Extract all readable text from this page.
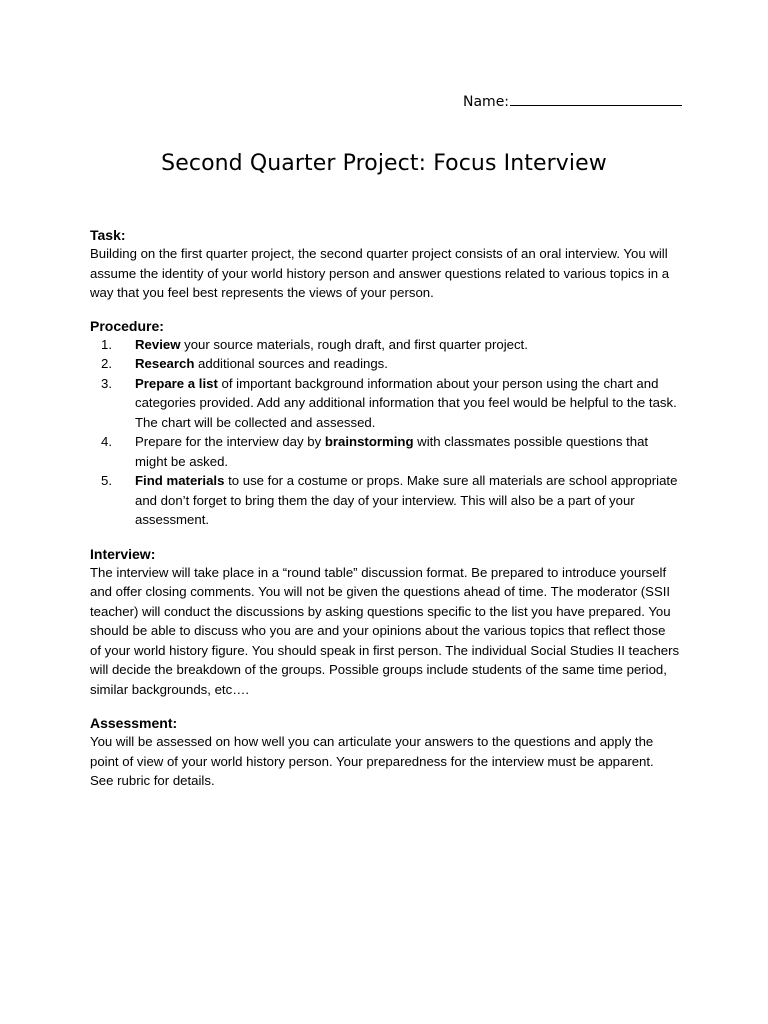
Name:
Second Quarter Project: Focus Interview

Task:

Building on the first quarter project, the second quarter project consists of an oral interview. You will assume the identity of your world history person and answer questions related to various topics in a way that you feel best represents the views of your person.

Procedure:

1. Review your source materials, rough draft, and first quarter project.
2. Research additional sources and readings.
3. Prepare a list of important background information about your person using the chart and categories provided. Add any additional information that you feel would be helpful to the task. The chart will be collected and assessed.
4. Prepare for the interview day by brainstorming with classmates possible questions that might be asked.
5. Find materials to use for a costume or props. Make sure all materials are school appropriate and don’t forget to bring them the day of your interview. This will also be a part of your assessment.

Interview:

The interview will take place in a “round table” discussion format. Be prepared to introduce yourself and offer closing comments. You will not be given the questions ahead of time. The moderator (SSII teacher) will conduct the discussions by asking questions specific to the list you have prepared. You should be able to discuss who you are and your opinions about the various topics that reflect those of your world history figure. You should speak in first person. The individual Social Studies II teachers will decide the breakdown of the groups. Possible groups include students of the same time period, similar backgrounds, etc….

Assessment:

You will be assessed on how well you can articulate your answers to the questions and apply the point of view of your world history person. Your preparedness for the interview must be apparent. See rubric for details.
